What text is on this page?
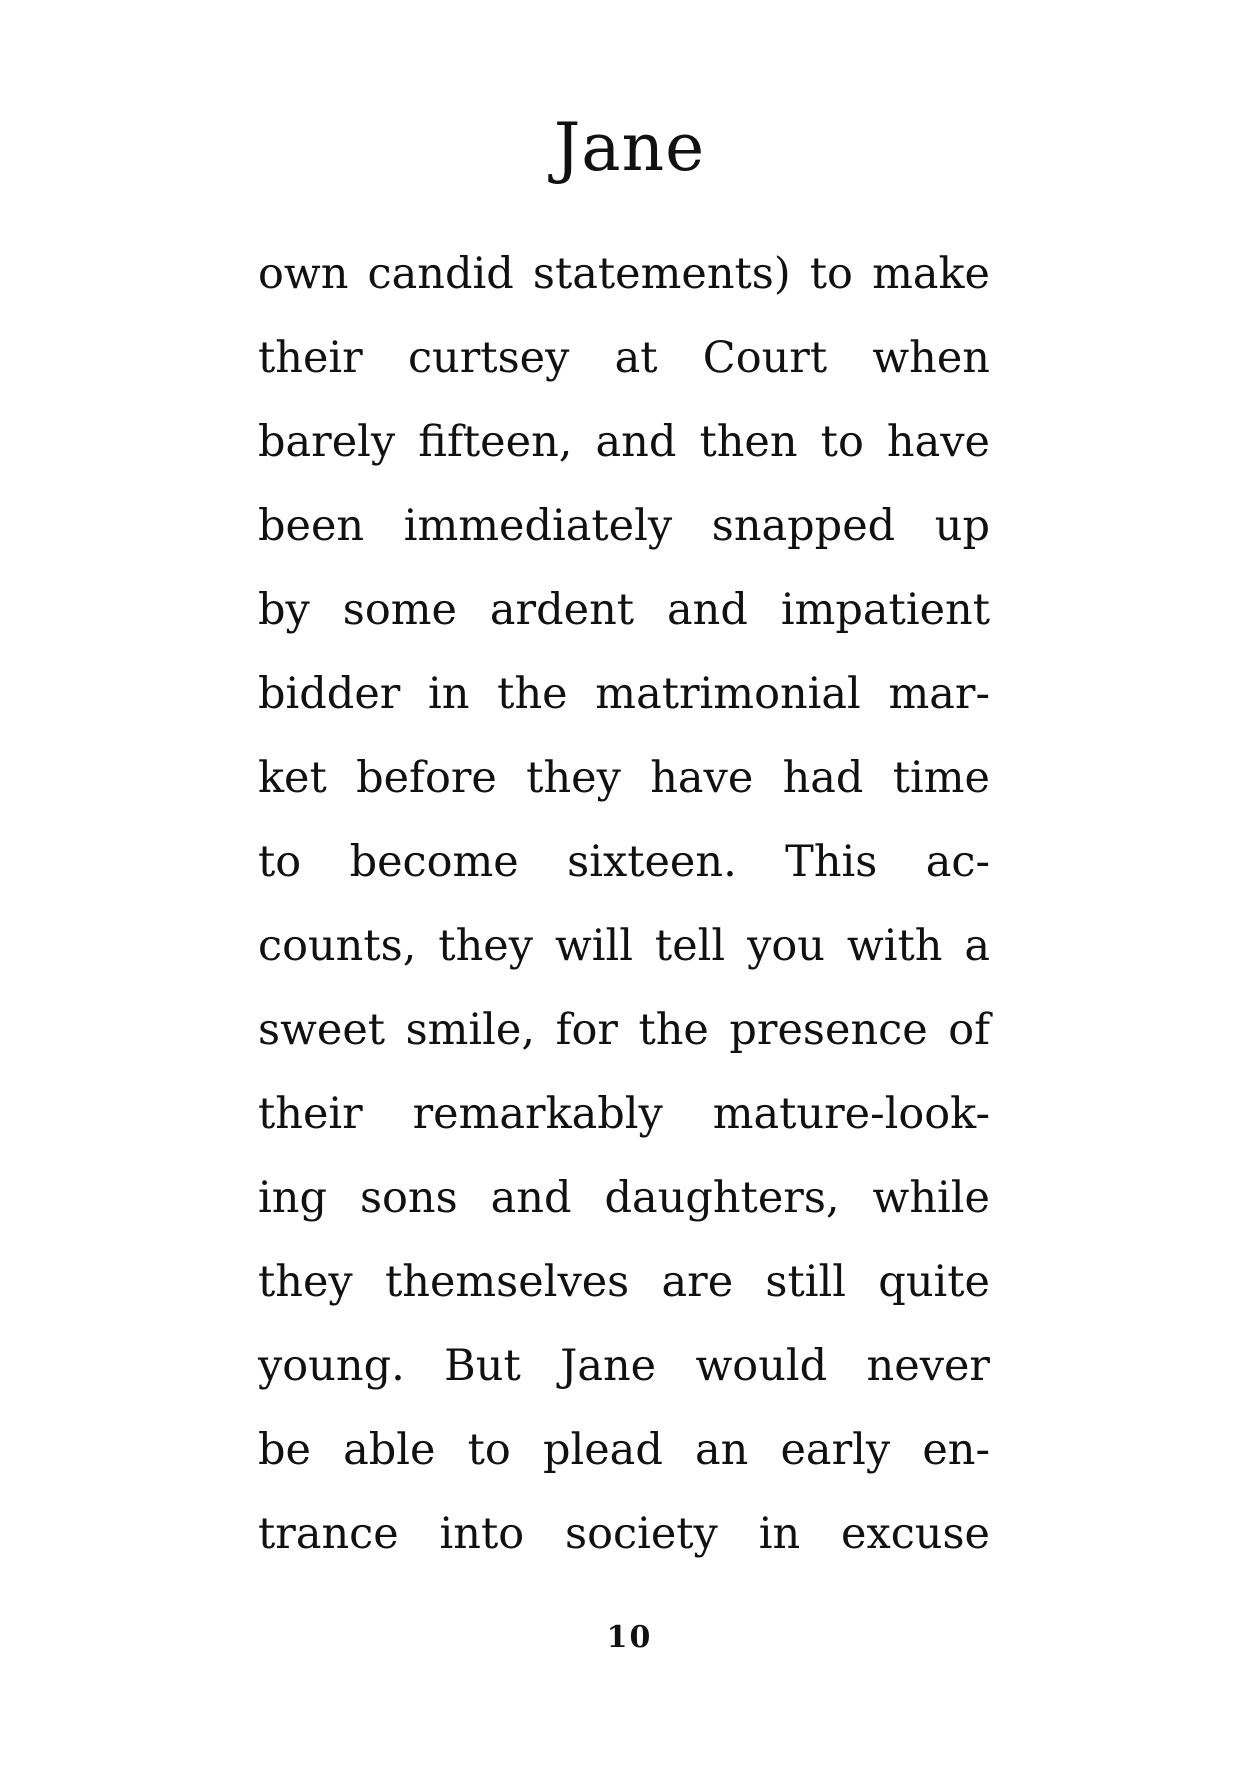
Jane
own candid statements) to make
their curtsey at Court when
barely fifteen, and then to have
been immediately snapped up
by some ardent and impatient
bidder in the matrimonial mar-
ket before they have had time
to become sixteen. This ac-
counts, they will tell you with a
sweet smile, for the presence of
their remarkably mature-look-
ing sons and daughters, while
they themselves are still quite
young. But Jane would never
be able to plead an early en-
trance into society in excuse
10
